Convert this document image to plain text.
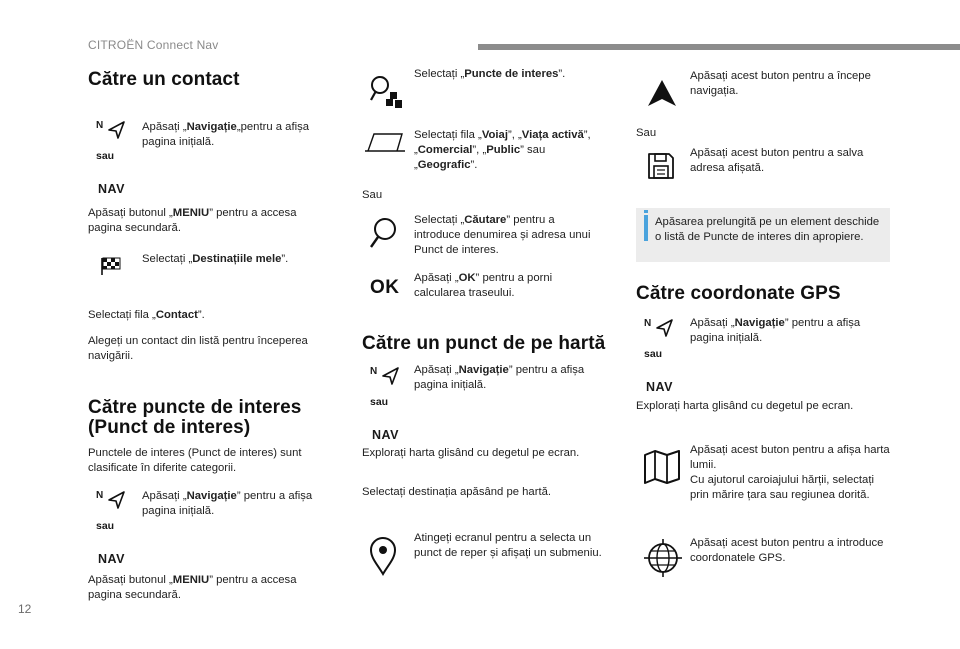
CITROËN Connect Nav
12
Către un contact
N
sau
NAV
Apăsați „Navigație„pentru a afișa pagina inițială.
Apăsați butonul „MENIU” pentru a accesa pagina secundară.
Selectați „Destinațiile mele”.
Selectați fila „Contact”.
Alegeți un contact din listă pentru începerea navigării.
Către puncte de interes (Punct de interes)
Punctele de interes (Punct de interes) sunt clasificate în diferite categorii.
N
sau
NAV
Apăsați „Navigație” pentru a afișa pagina inițială.
Apăsați butonul „MENIU” pentru a accesa pagina secundară.
Selectați „Puncte de interes”.
Selectați fila „Voiaj”, „Viața activă”, „Comercial”, „Public” sau „Geografic”.
Sau
Selectați „Căutare” pentru a introduce denumirea și adresa unui Punct de interes.
OK Apăsați „OK” pentru a porni calcularea traseului.
Către un punct de pe hartă
N
sau
NAV
Apăsați „Navigație” pentru a afișa pagina inițială.
Explorați harta glisând cu degetul pe ecran.
Selectați destinația apăsând pe hartă.
Atingeți ecranul pentru a selecta un punct de reper și afișați un submeniu.
Apăsați acest buton pentru a începe navigația.
Sau
Apăsați acest buton pentru a salva adresa afișată.
Apăsarea prelungită pe un element deschide o listă de Puncte de interes din apropiere.
Către coordonate GPS
N
sau
NAV
Apăsați „Navigație” pentru a afișa pagina inițială.
Explorați harta glisând cu degetul pe ecran.
Apăsați acest buton pentru a afișa harta lumii.
Cu ajutorul caroiajului hărții, selectați prin mărire țara sau regiunea dorită.
Apăsați acest buton pentru a introduce coordonatele GPS.
